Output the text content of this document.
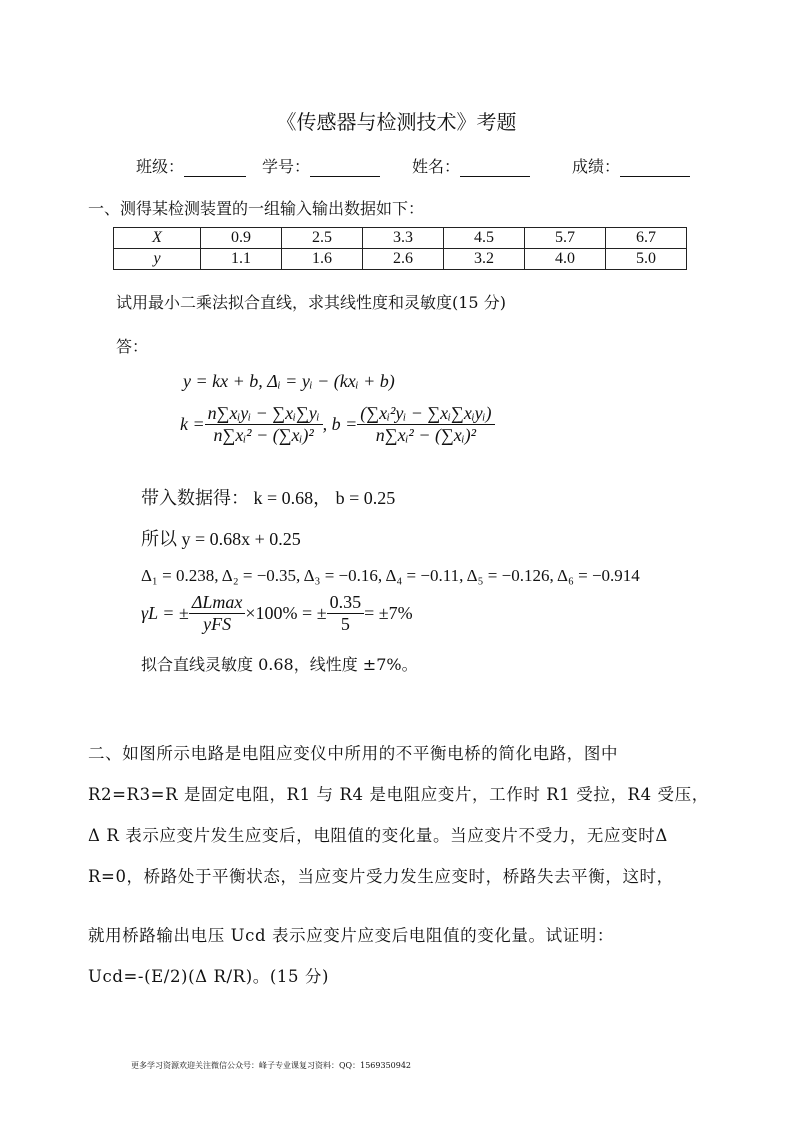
《传感器与检测技术》考题
班级：	学号：	姓名：	成绩：
一、测得某检测装置的一组输入输出数据如下：
X	0.9	2.5	3.3	4.5	5.7	6.7
y	1.1	1.6	2.6	3.2	4.0	5.0
试用最小二乘法拟合直线，求其线性度和灵敏度(15 分)
答：
y = kx + b, Δᵢ = yᵢ − (kxᵢ + b)
$k = \frac{\text{n∑xᵢyᵢ − ∑xᵢ∑yᵢ}}{\text{n∑xᵢ² − (∑xᵢ)²}}$ , $b = \frac{\text{(∑xᵢ²yᵢ − ∑xᵢ∑xᵢyᵢ)}}{\text{n∑xᵢ² − (∑xᵢ)²}}$
带入数据得： k = 0.68， b = 0.25
所以 y = 0.68x + 0.25
Δ₁ = 0.238, Δ₂ = −0.35, Δ₃ = −0.16, Δ₄ = −0.11, Δ₅ = −0.126, Δ₆ = −0.914
γL = ± $\frac{\Delta Lmax}{\text{yFS}} \times 100\%$ = ± $\frac{0.35}{5} = \pm 7\%$
拟合直线灵敏度 0.68，线性度 ±7%。
二、如图所示电路是电阻应变仪中所用的不平衡电桥的简化电路，图中
R2=R3=R 是固定电阻，R1 与 R4 是电阻应变片，工作时 R1 受拉，R4 受压，
Δ R 表示应变片发生应变后，电阻值的变化量。当应变片不受力，无应变时Δ
R=0，桥路处于平衡状态，当应变片受力发生应变时，桥路失去平衡，这时，
就用桥路输出电压 Ucd 表示应变片应变后电阻值的变化量。试证明：
Ucd=-(E/2)(Δ R/R)。(15 分)
更多学习资源欢迎关注微信公众号：峰子专业课复习资料：QQ：1569350942
